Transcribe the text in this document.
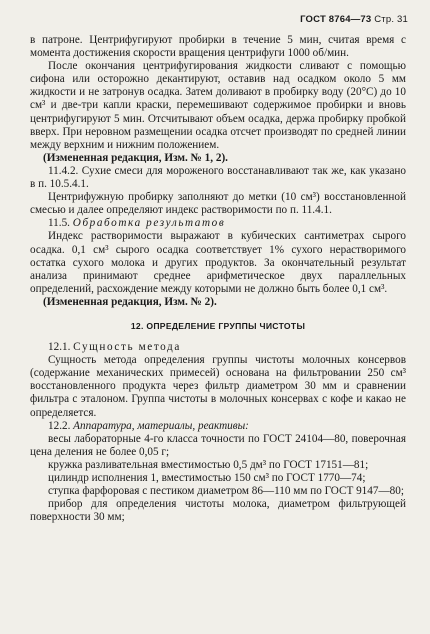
ГОСТ 8764—73 Стр. 31

в патроне. Центрифугируют пробирки в течение 5 мин, считая время с момента достижения скорости вращения центрифуги 1000 об/мин.

После окончания центрифугирования жидкости сливают с помощью сифона или осторожно декантируют, оставив над осадком около 5 мм жидкости и не затронув осадка. Затем доливают в пробирку воду (20°С) до 10 см³ и две-три капли краски, перемешивают содержимое пробирки и вновь центрифугируют 5 мин. Отсчитывают объем осадка, держа пробирку пробкой вверх. При неровном размещении осадка отсчет производят по средней линии между верхним и нижним положением.

(Измененная редакция, Изм. № 1, 2).

11.4.2. Сухие смеси для мороженого восстанавливают так же, как указано в п. 10.5.4.1.

Центрифужную пробирку заполняют до метки (10 см³) восстановленной смесью и далее определяют индекс растворимости по п. 11.4.1.

11.5. Обработка результатов

Индекс растворимости выражают в кубических сантиметрах сырого осадка. 0,1 см³ сырого осадка соответствует 1% сухого нерастворимого остатка сухого молока и других продуктов. За окончательный результат анализа принимают среднее арифметическое двух параллельных определений, расхождение между которыми не должно быть более 0,1 см³.

(Измененная редакция, Изм. № 2).

12. ОПРЕДЕЛЕНИЕ ГРУППЫ ЧИСТОТЫ

12.1. Сущность метода

Сущность метода определения группы чистоты молочных консервов (содержание механических примесей) основана на фильтровании 250 см³ восстановленного продукта через фильтр диаметром 30 мм и сравнении фильтра с эталоном. Группа чистоты в молочных консервах с кофе и какао не определяется.

12.2. Аппаратура, материалы, реактивы:

весы лабораторные 4-го класса точности по ГОСТ 24104—80, поверочная цена деления не более 0,05 г;

кружка разливательная вместимостью 0,5 дм³ по ГОСТ 17151—81;

цилиндр исполнения 1, вместимостью 150 см³ по ГОСТ 1770—74;

ступка фарфоровая с пестиком диаметром 86—110 мм по ГОСТ 9147—80;

прибор для определения чистоты молока, диаметром фильтрующей поверхности 30 мм;
